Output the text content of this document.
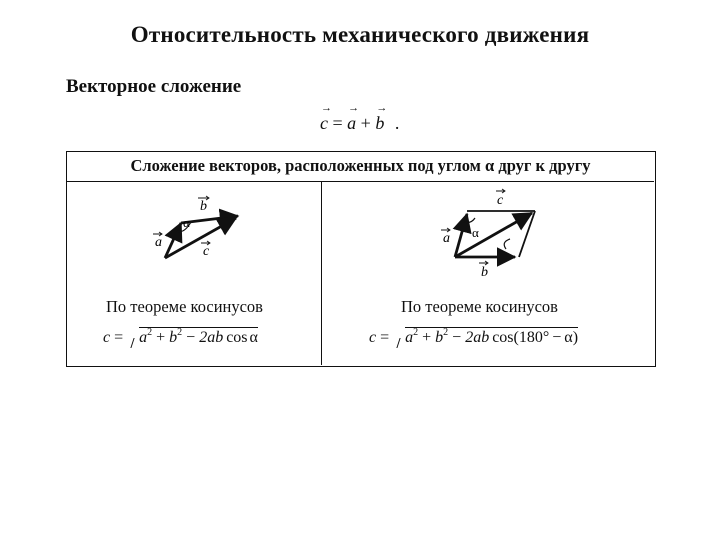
Относительность механического движения
Векторное сложение
→ c = → a + → b .
Сложение векторов, расположенных под углом α друг к другу
b
α
a
c
c
α
a
b
По теореме косинусов	По теореме косинусов
$c = a^2 + b^2 - 2ab$ cos α	$c = a^2 + b^2 - 2ab$ cos(180° − α)
